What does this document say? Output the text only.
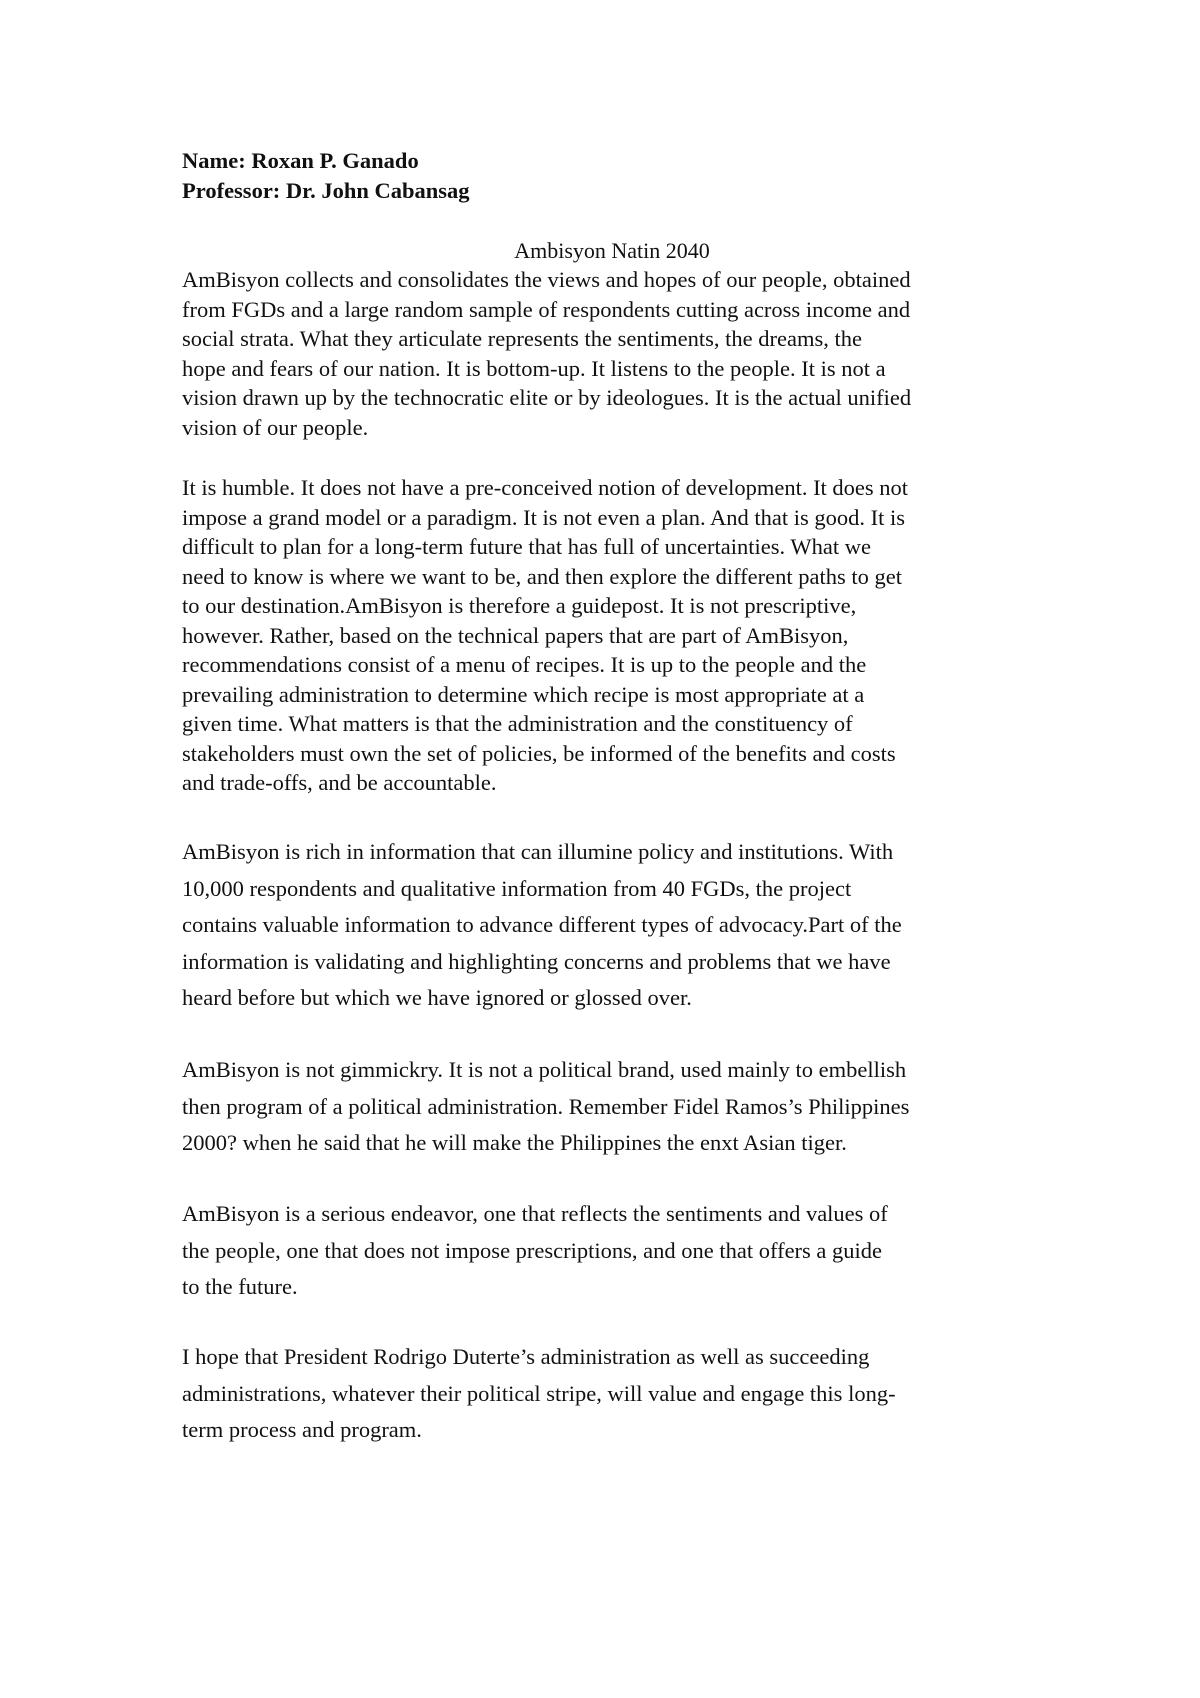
Name: Roxan P. Ganado
Professor: Dr. John Cabansag
Ambisyon Natin 2040
AmBisyon collects and consolidates the views and hopes of our people, obtained
from FGDs and a large random sample of respondents cutting across income and
social strata. What they articulate represents the sentiments, the dreams, the
hope and fears of our nation. It is bottom-up. It listens to the people. It is not a
vision drawn up by the technocratic elite or by ideologues. It is the actual unified
vision of our people.
It is humble. It does not have a pre-conceived notion of development. It does not
impose a grand model or a paradigm. It is not even a plan. And that is good. It is
difficult to plan for a long-term future that has full of uncertainties. What we
need to know is where we want to be, and then explore the different paths to get
to our destination.AmBisyon is therefore a guidepost. It is not prescriptive,
however. Rather, based on the technical papers that are part of AmBisyon,
recommendations consist of a menu of recipes. It is up to the people and the
prevailing administration to determine which recipe is most appropriate at a
given time. What matters is that the administration and the constituency of
stakeholders must own the set of policies, be informed of the benefits and costs
and trade-offs, and be accountable.
AmBisyon is rich in information that can illumine policy and institutions. With
10,000 respondents and qualitative information from 40 FGDs, the project
contains valuable information to advance different types of advocacy.Part of the
information is validating and highlighting concerns and problems that we have
heard before but which we have ignored or glossed over.
AmBisyon is not gimmickry. It is not a political brand, used mainly to embellish
then program of a political administration. Remember Fidel Ramos’s Philippines
2000? when he said that he will make the Philippines the enxt Asian tiger.
AmBisyon is a serious endeavor, one that reflects the sentiments and values of
the people, one that does not impose prescriptions, and one that offers a guide
to the future.
I hope that President Rodrigo Duterte’s administration as well as succeeding
administrations, whatever their political stripe, will value and engage this long-
term process and program.
